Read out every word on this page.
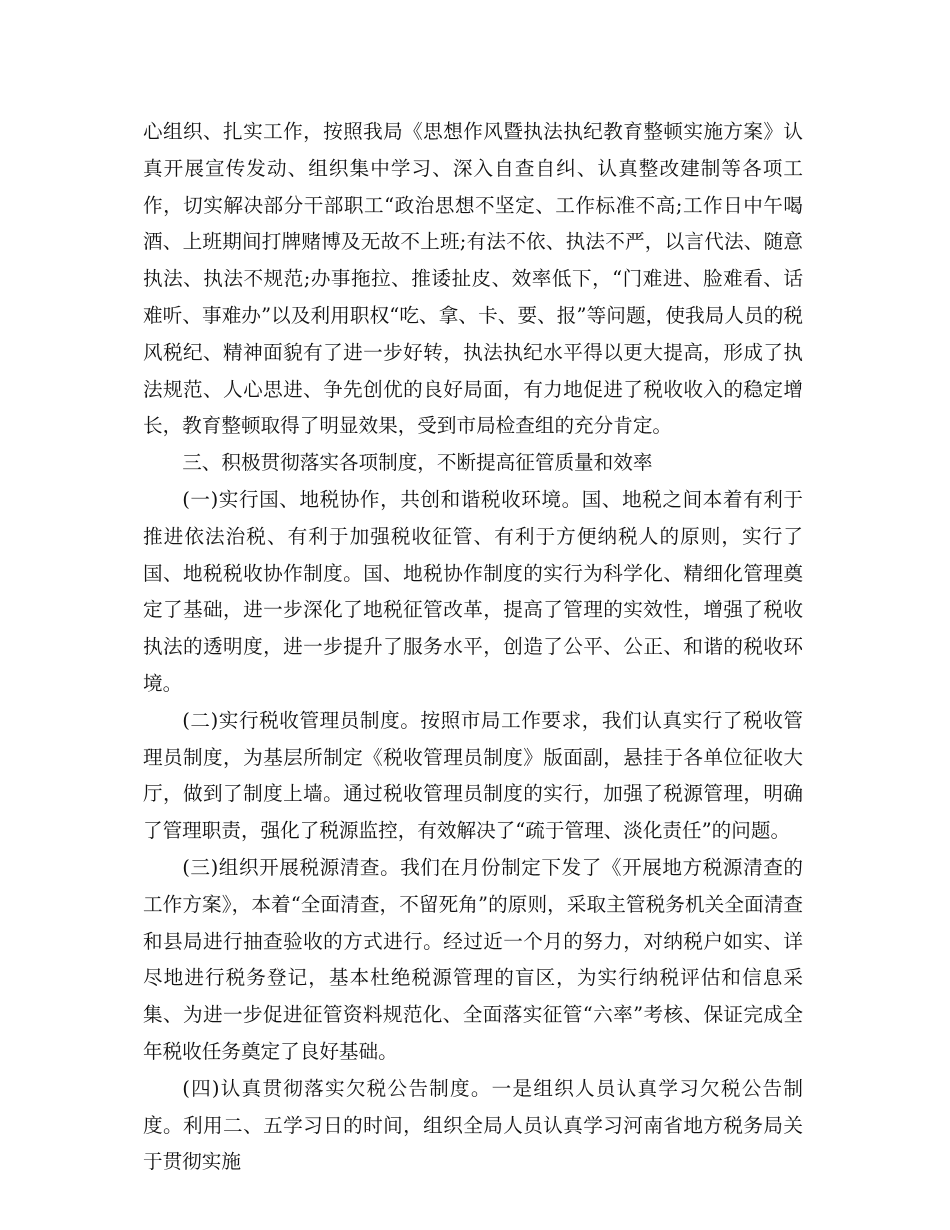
心组织、扎实工作，按照我局《思想作风暨执法执纪教育整顿实施方案》认真开展宣传发动、组织集中学习、深入自查自纠、认真整改建制等各项工作，切实解决部分干部职工“政治思想不坚定、工作标准不高;工作日中午喝酒、上班期间打牌赌博及无故不上班;有法不依、执法不严，以言代法、随意执法、执法不规范;办事拖拉、推诿扯皮、效率低下，“门难进、脸难看、话难听、事难办”以及利用职权“吃、拿、卡、要、报”等问题，使我局人员的税风税纪、精神面貌有了进一步好转，执法执纪水平得以更大提高，形成了执法规范、人心思进、争先创优的良好局面，有力地促进了税收收入的稳定增长，教育整顿取得了明显效果，受到市局检查组的充分肯定。

三、积极贯彻落实各项制度，不断提高征管质量和效率

(一)实行国、地税协作，共创和谐税收环境。国、地税之间本着有利于推进依法治税、有利于加强税收征管、有利于方便纳税人的原则，实行了国、地税税收协作制度。国、地税协作制度的实行为科学化、精细化管理奠定了基础，进一步深化了地税征管改革，提高了管理的实效性，增强了税收执法的透明度，进一步提升了服务水平，创造了公平、公正、和谐的税收环境。

(二)实行税收管理员制度。按照市局工作要求，我们认真实行了税收管理员制度，为基层所制定《税收管理员制度》版面副，悬挂于各单位征收大厅，做到了制度上墙。通过税收管理员制度的实行，加强了税源管理，明确了管理职责，强化了税源监控，有效解决了“疏于管理、淡化责任”的问题。

(三)组织开展税源清查。我们在月份制定下发了《开展地方税源清查的工作方案》，本着“全面清查，不留死角”的原则，采取主管税务机关全面清查和县局进行抽查验收的方式进行。经过近一个月的努力，对纳税户如实、详尽地进行税务登记，基本杜绝税源管理的盲区，为实行纳税评估和信息采集、为进一步促进征管资料规范化、全面落实征管“六率”考核、保证完成全年税收任务奠定了良好基础。

(四)认真贯彻落实欠税公告制度。一是组织人员认真学习欠税公告制度。利用二、五学习日的时间，组织全局人员认真学习河南省地方税务局关于贯彻实施
